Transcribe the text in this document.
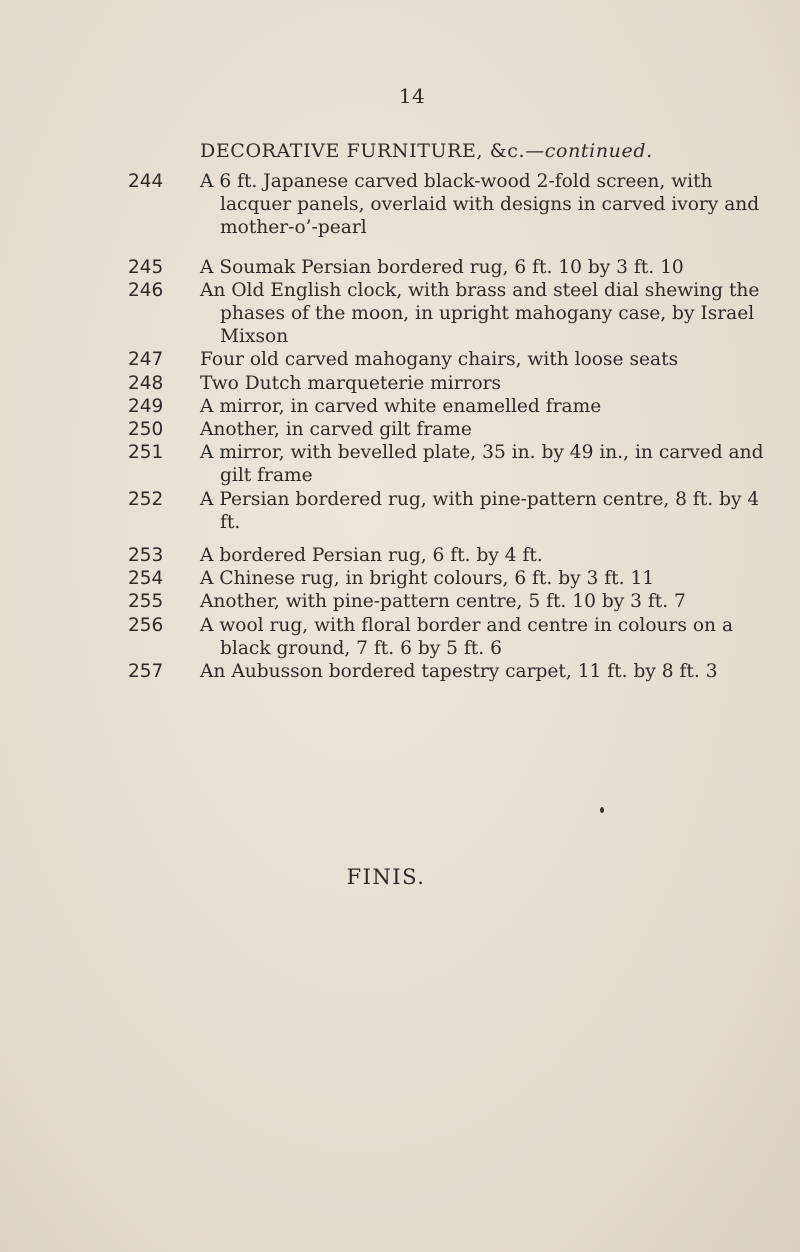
14
DECORATIVE FURNITURE, &c.—continued.
244	A 6 ft. Japanese carved black-wood 2-fold screen, with lacquer panels, overlaid with designs in carved ivory and mother-o’-pearl
245	A Soumak Persian bordered rug, 6 ft. 10 by 3 ft. 10
246	An Old English clock, with brass and steel dial shewing the phases of the moon, in upright mahogany case, by Israel Mixson
247	Four old carved mahogany chairs, with loose seats
248	Two Dutch marqueterie mirrors
249	A mirror, in carved white enamelled frame
250	Another, in carved gilt frame
251	A mirror, with bevelled plate, 35 in. by 49 in., in carved and gilt frame
252	A Persian bordered rug, with pine-pattern centre, 8 ft. by 4 ft.
253	A bordered Persian rug, 6 ft. by 4 ft.
254	A Chinese rug, in bright colours, 6 ft. by 3 ft. 11
255	Another, with pine-pattern centre, 5 ft. 10 by 3 ft. 7
256	A wool rug, with floral border and centre in colours on a black ground, 7 ft. 6 by 5 ft. 6
257	An Aubusson bordered tapestry carpet, 11 ft. by 8 ft. 3
FINIS.
